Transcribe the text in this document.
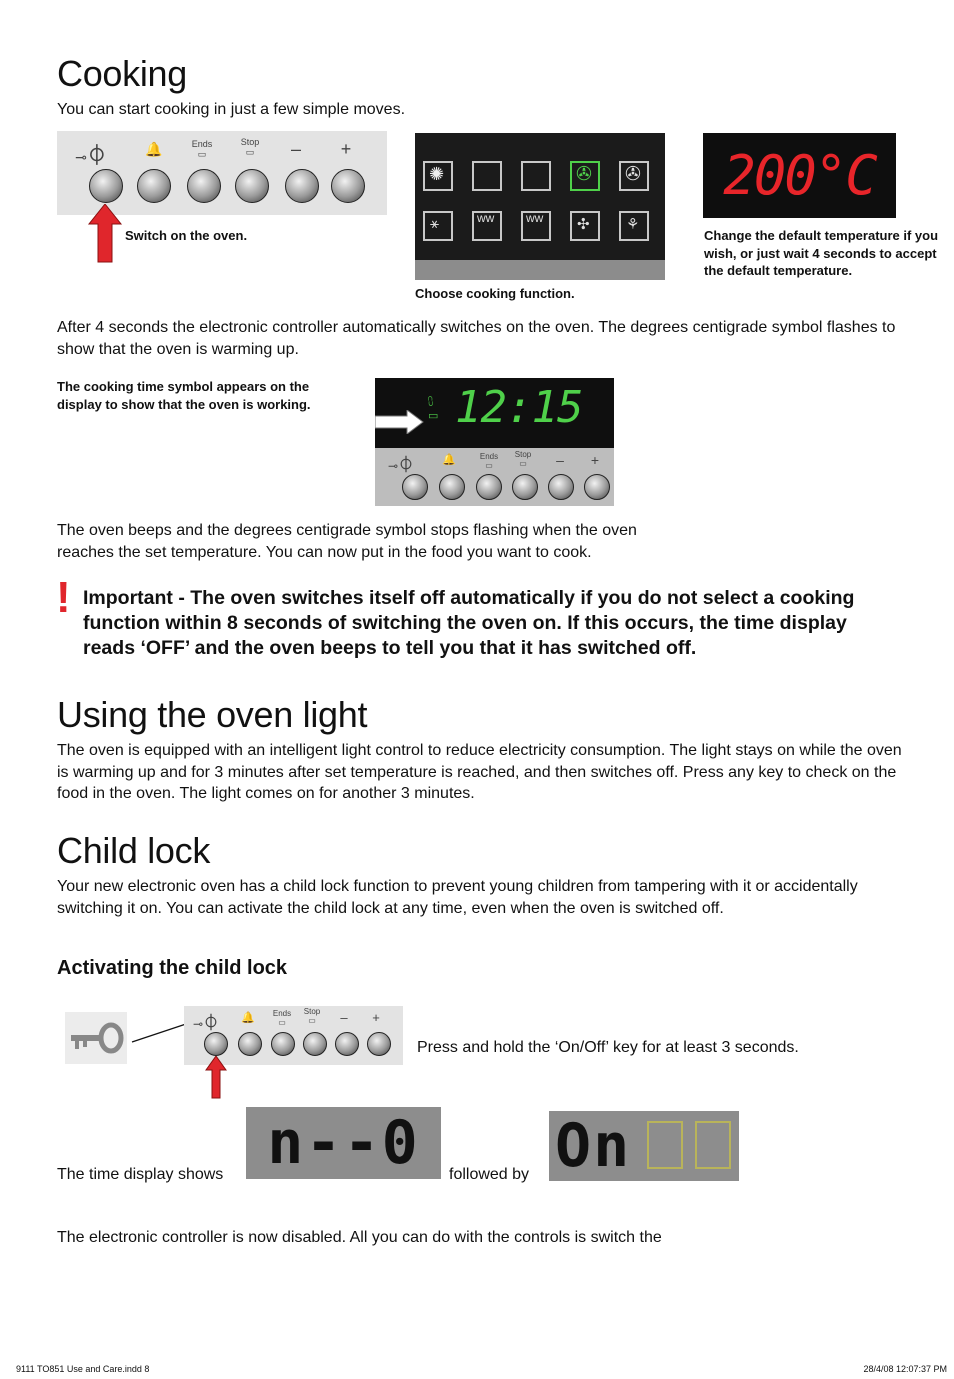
Cooking
You can start cooking in just a few simple moves.
⊸⏀	🔔	Ends
▭
Stop
▭	–	+
Switch on the oven.
✺	✇ ✇
⚹	ᴡᴡ	ᴡᴡ ✣ ⚘
Choose cooking function.
200°C
Change the default temperature if you wish, or just wait 4 seconds to accept the default temperature.
After 4 seconds the electronic controller automatically switches on the oven. The degrees centigrade symbol flashes to show that the oven is warming up.
The cooking time symbol appears on the display to show that the oven is working.	⩇
▭ 12:15
⊸⏀	🔔	Ends
▭
Stop
▭	–	+
The oven beeps and the degrees centigrade symbol stops flashing when the oven reaches the set temperature. You can now put in the food you want to cook.
! Important - The oven switches itself off automatically if you do not select a cooking function within 8 seconds of switching the oven on. If this occurs, the time display reads ‘OFF’ and the oven beeps to tell you that it has switched off.
Using the oven light
The oven is equipped with an intelligent light control to reduce electricity consumption. The light stays on while the oven is warming up and for 3 minutes after set temperature is reached, and then switches off. Press any key to check on the food in the oven. The light comes on for another 3 minutes.
Child lock
Your new electronic oven has a child lock function to prevent young children from tampering with it or accidentally switching it on. You can activate the child lock at any time, even when the oven is switched off.
Activating the child lock
⊸⏀	🔔	Ends
▭
Stop
▭	–	+
Press and hold the ‘On/Off’ key for at least 3 seconds.
The time display shows n--0 followed by On
The electronic controller is now disabled. All you can do with the controls is switch the
9111 TO851 Use and Care.indd 8	28/4/08 12:07:37 PM
